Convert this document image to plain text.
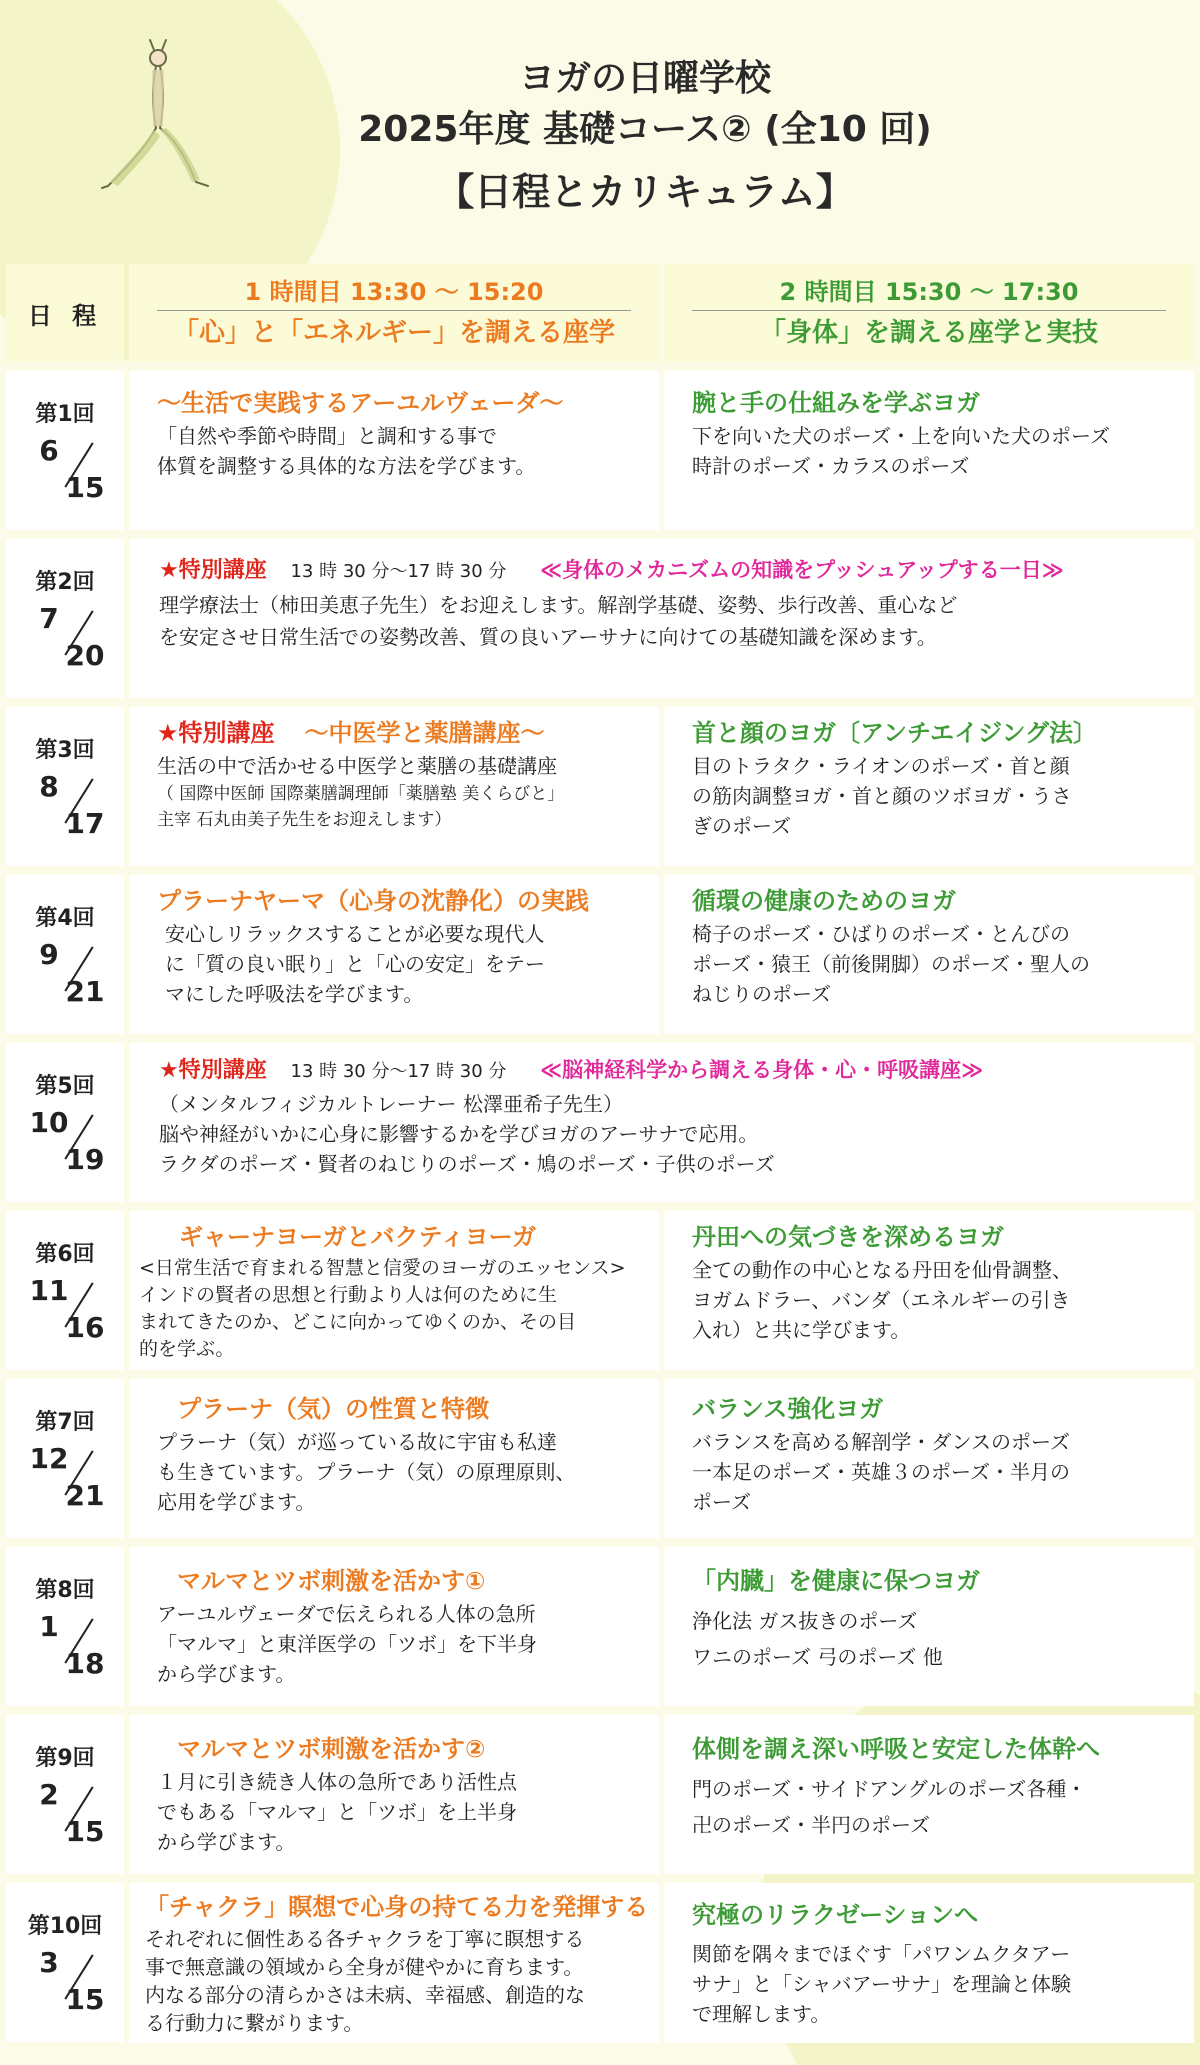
ヨガの日曜学校
2025年度 基礎コース② (全10 回)
【日程とカリキュラム】
日 程
1 時間目 13:30 ～ 15:20
「心」と「エネルギー」を調える座学
2 時間目 15:30 ～ 17:30
「身体」を調える座学と実技
第1回
6
15
～生活で実践するアーユルヴェーダ～
「自然や季節や時間」と調和する事で
体質を調整する具体的な方法を学びます。
腕と手の仕組みを学ぶヨガ
下を向いた犬のポーズ・上を向いた犬のポーズ
時計のポーズ・カラスのポーズ
第2回
7
20
★特別講座 13 時 30 分～17 時 30 分 ≪身体のメカニズムの知識をプッシュアップする一日≫
理学療法士（柿田美恵子先生）をお迎えします。解剖学基礎、姿勢、歩行改善、重心など
を安定させ日常生活での姿勢改善、質の良いアーサナに向けての基礎知識を深めます。
第3回
8
17
★特別講座 ～中医学と薬膳講座～
生活の中で活かせる中医学と薬膳の基礎講座
（ 国際中医師 国際薬膳調理師「薬膳塾 美くらびと」
主宰 石丸由美子先生をお迎えします）
首と顔のヨガ〔アンチエイジング法〕
目のトラタク・ライオンのポーズ・首と顔
の筋肉調整ヨガ・首と顔のツボヨガ・うさ
ぎのポーズ
第4回
9
21
プラーナヤーマ（心身の沈静化）の実践
安心しリラックスすることが必要な現代人
に「質の良い眠り」と「心の安定」をテー
マにした呼吸法を学びます。
循環の健康のためのヨガ
椅子のポーズ・ひばりのポーズ・とんびの
ポーズ・猿王（前後開脚）のポーズ・聖人の
ねじりのポーズ
第5回
10
19
★特別講座 13 時 30 分～17 時 30 分 ≪脳神経科学から調える身体・心・呼吸講座≫
（メンタルフィジカルトレーナー 松澤亜希子先生）
脳や神経がいかに心身に影響するかを学びヨガのアーサナで応用。
ラクダのポーズ・賢者のねじりのポーズ・鳩のポーズ・子供のポーズ
第6回
11
16
ギャーナヨーガとバクティヨーガ
<日常生活で育まれる智慧と信愛のヨーガのエッセンス>
インドの賢者の思想と行動より人は何のために生
まれてきたのか、どこに向かってゆくのか、その目
的を学ぶ。
丹田への気づきを深めるヨガ
全ての動作の中心となる丹田を仙骨調整、
ヨガムドラー、バンダ（エネルギーの引き
入れ）と共に学びます。
第7回
12
21
プラーナ（気）の性質と特徴
プラーナ（気）が巡っている故に宇宙も私達
も生きています。プラーナ（気）の原理原則、
応用を学びます。
バランス強化ヨガ
バランスを高める解剖学・ダンスのポーズ
一本足のポーズ・英雄３のポーズ・半月の
ポーズ
第8回
1
18
マルマとツボ刺激を活かす①
アーユルヴェーダで伝えられる人体の急所
「マルマ」と東洋医学の「ツボ」を下半身
から学びます。
「内臓」を健康に保つヨガ
浄化法 ガス抜きのポーズ
ワニのポーズ 弓のポーズ 他
第9回
2
15
マルマとツボ刺激を活かす②
１月に引き続き人体の急所であり活性点
でもある「マルマ」と「ツボ」を上半身
から学びます。
体側を調え深い呼吸と安定した体幹へ
門のポーズ・サイドアングルのポーズ各種・
卍のポーズ・半円のポーズ
第10回
3
15
「チャクラ」瞑想で心身の持てる力を発揮する
それぞれに個性ある各チャクラを丁寧に瞑想する
事で無意識の領域から全身が健やかに育ちます。
内なる部分の清らかさは未病、幸福感、創造的な
る行動力に繋がります。
究極のリラクゼーションへ
関節を隅々までほぐす「パワンムクタアー
サナ」と「シャバアーサナ」を理論と体験
で理解します。
